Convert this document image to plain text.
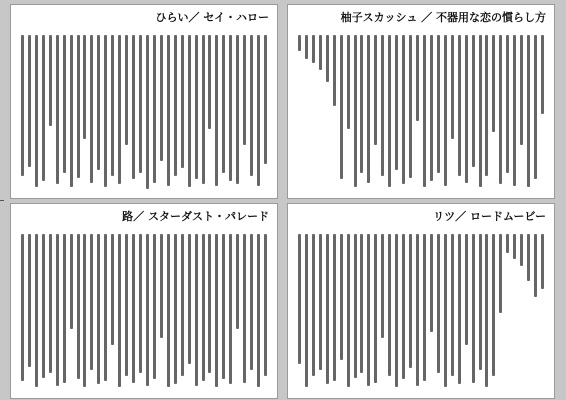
ひらい／ セイ・ハロー	柚子スカッシュ ／ 不器用な恋の慣らし方
路／ スターダスト・パレード	リツ／ ロードムービー
